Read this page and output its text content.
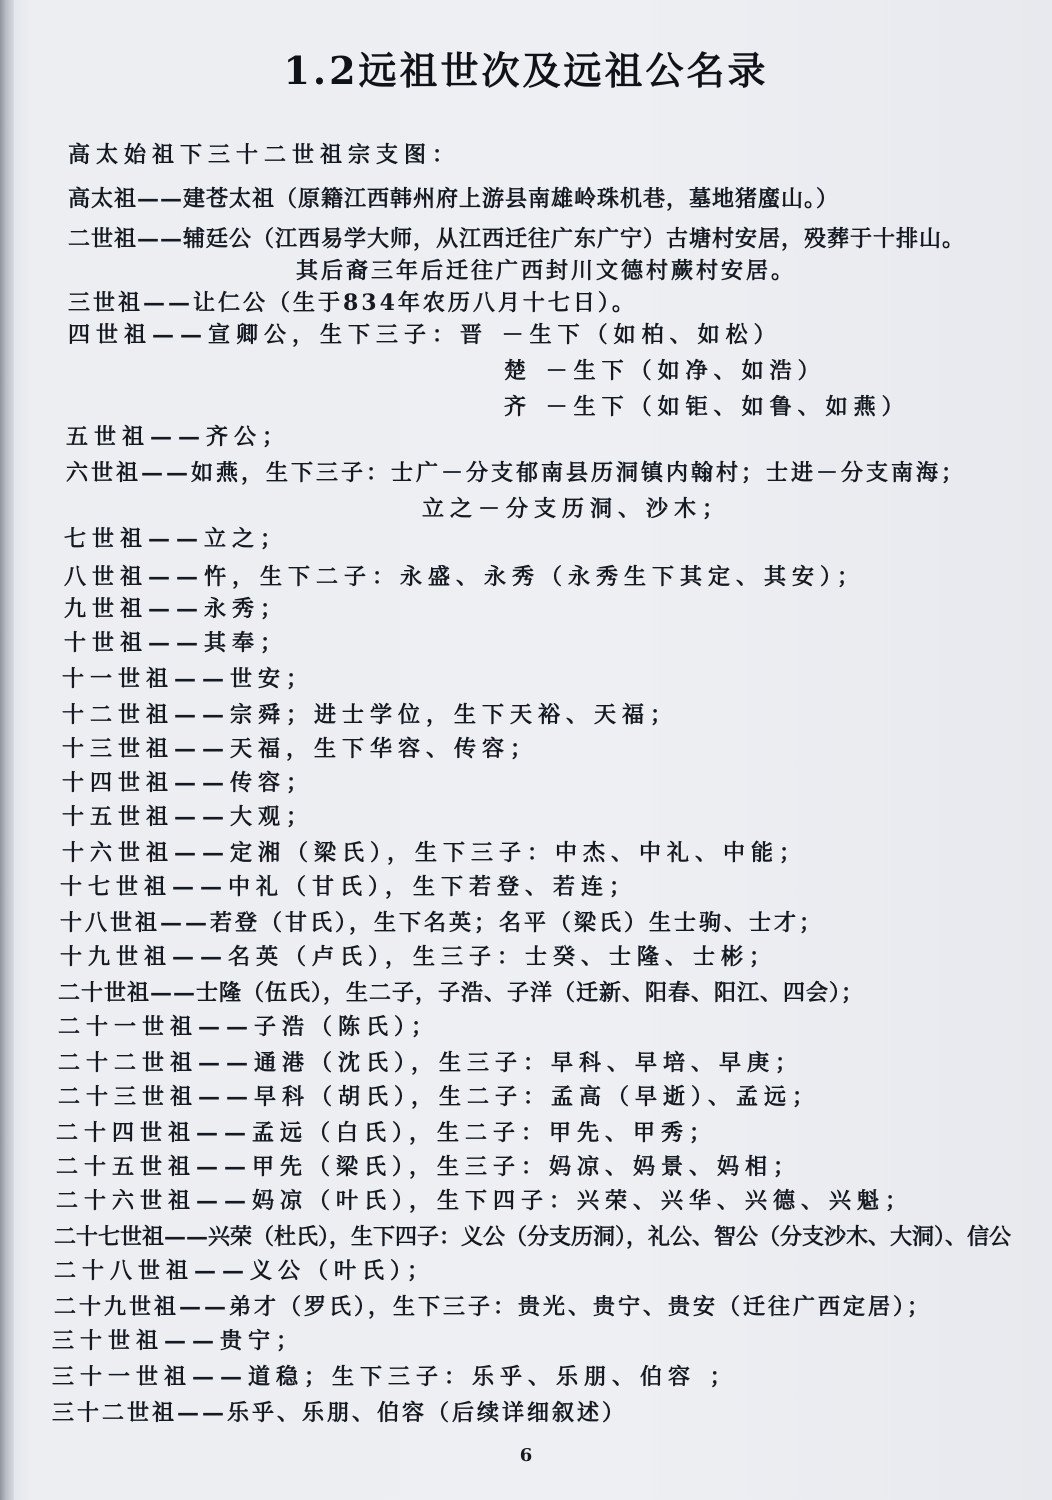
1.2远祖世次及远祖公名录
高太始祖下三十二世祖宗支图：
高太祖——建苍太祖（原籍江西韩州府上游县南雄岭珠机巷，墓地猪䗪山。）
二世祖——辅廷公（江西易学大师，从江西迁往广东广宁）古塘村安居，殁葬于十排山。
其后裔三年后迁往广西封川文德村蕨村安居。
三世祖——让仁公（生于834年农历八月十七日）。
四世祖——宣卿公，生下三子：晋 －生下（如柏、如松）
楚 －生下（如净、如浩）
齐 －生下（如钜、如鲁、如燕）
五世祖——齐公；
六世祖——如燕，生下三子：士广－分支郁南县历洞镇内翰村；士进－分支南海；
立之－分支历洞、沙木；
七世祖——立之；
八世祖——忤，生下二子：永盛、永秀（永秀生下其定、其安）；
九世祖——永秀；
十世祖——其奉；
十一世祖——世安；
十二世祖——宗舜；进士学位，生下天裕、天福；
十三世祖——天福，生下华容、传容；
十四世祖——传容；
十五世祖——大观；
十六世祖——定湘（梁氏），生下三子：中杰、中礼、中能；
十七世祖——中礼（甘氏），生下若登、若连；
十八世祖——若登（甘氏），生下名英；名平（梁氏）生士驹、士才；
十九世祖——名英（卢氏），生三子：士癸、士隆、士彬；
二十世祖——士隆（伍氏），生二子，子浩、子洋（迁新、阳春、阳江、四会）；
二十一世祖——子浩（陈氏）；
二十二世祖——通港（沈氏），生三子：早科、早培、早庚；
二十三世祖——早科（胡氏），生二子：孟高（早逝）、孟远；
二十四世祖——孟远（白氏），生二子：甲先、甲秀；
二十五世祖——甲先（梁氏），生三子：妈凉、妈景、妈相；
二十六世祖——妈凉（叶氏），生下四子：兴荣、兴华、兴德、兴魁；
二十七世祖——兴荣（杜氏），生下四子：义公（分支历洞），礼公、智公（分支沙木、大洞）、信公
二十八世祖——义公（叶氏）；
二十九世祖——弟才（罗氏），生下三子：贵光、贵宁、贵安（迁往广西定居）；
三十世祖——贵宁；
三十一世祖——道稳；生下三子：乐乎、乐朋、伯容 ；
三十二世祖——乐乎、乐朋、伯容（后续详细叙述）
6
